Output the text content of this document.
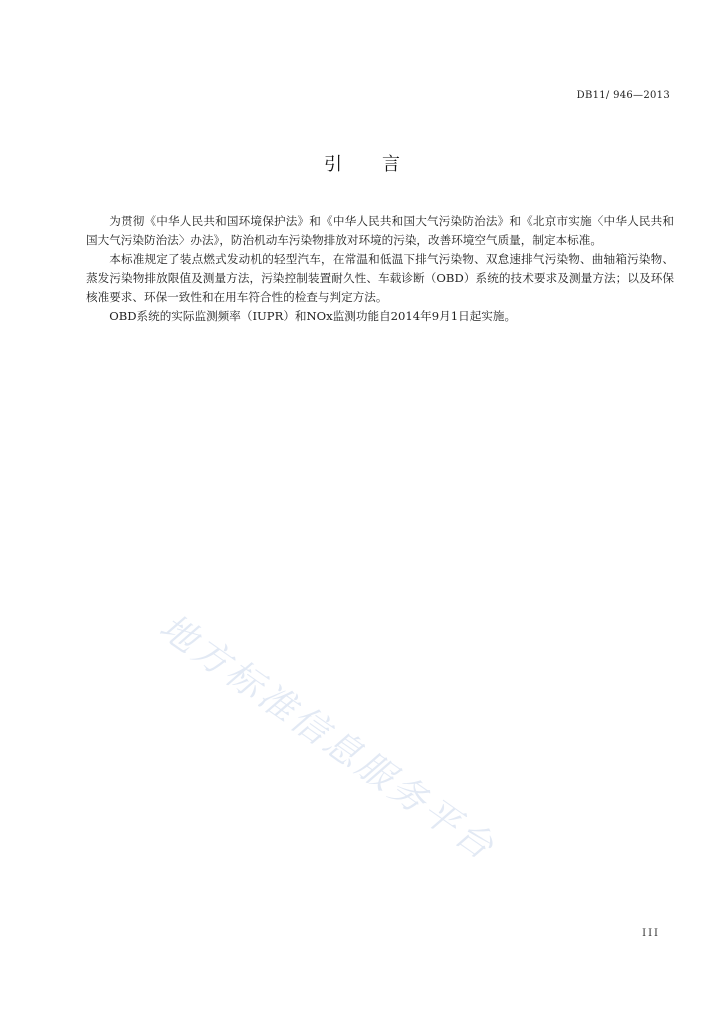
DB11/ 946—2013
引言

为贯彻《中华人民共和国环境保护法》和《中华人民共和国大气污染防治法》和《北京市实施〈中华人民共和国大气污染防治法〉办法》，防治机动车污染物排放对环境的污染，改善环境空气质量，制定本标准。

本标准规定了装点燃式发动机的轻型汽车，在常温和低温下排气污染物、双怠速排气污染物、曲轴箱污染物、蒸发污染物排放限值及测量方法，污染控制装置耐久性、车载诊断（OBD）系统的技术要求及测量方法；以及环保核准要求、环保一致性和在用车符合性的检查与判定方法。

OBD系统的实际监测频率（IUPR）和NOx监测功能自2014年9月1日起实施。

地方标准信息服务平台
III
